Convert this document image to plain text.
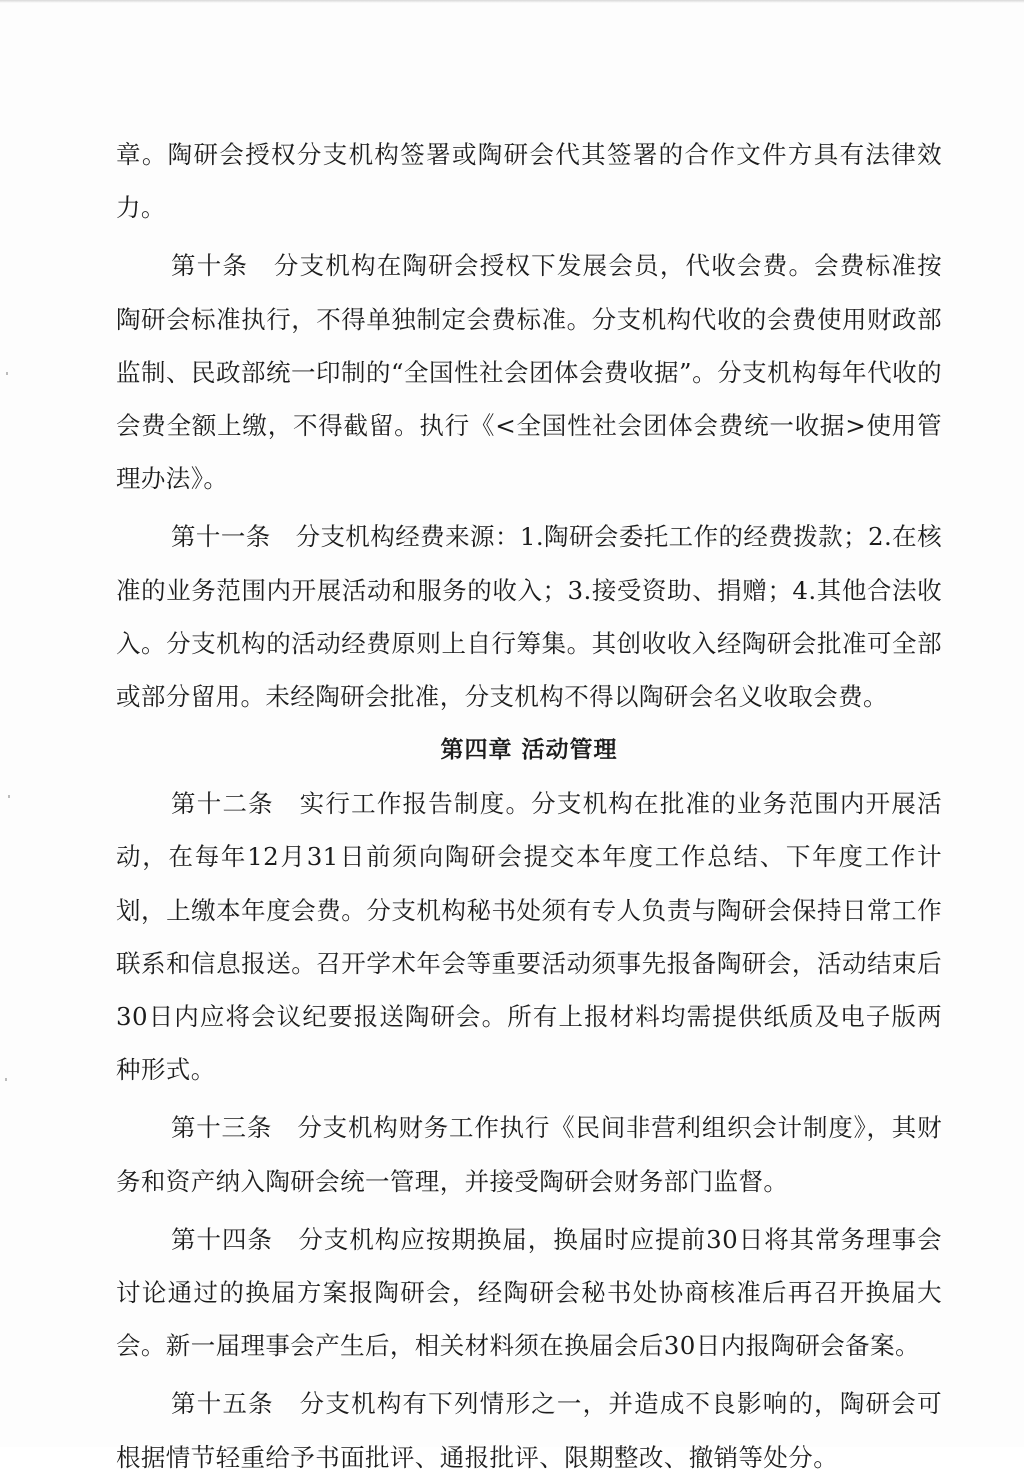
章。陶研会授权分支机构签署或陶研会代其签署的合作文件方具有法律效力。

第十条　分支机构在陶研会授权下发展会员，代收会费。会费标准按陶研会标准执行，不得单独制定会费标准。分支机构代收的会费使用财政部监制、民政部统一印制的“全国性社会团体会费收据”。分支机构每年代收的会费全额上缴，不得截留。执行《<全国性社会团体会费统一收据>使用管理办法》。

第十一条　分支机构经费来源：1.陶研会委托工作的经费拨款；2.在核准的业务范围内开展活动和服务的收入；3.接受资助、捐赠；4.其他合法收入。分支机构的活动经费原则上自行筹集。其创收收入经陶研会批准可全部或部分留用。未经陶研会批准，分支机构不得以陶研会名义收取会费。

第四章 活动管理

第十二条　实行工作报告制度。分支机构在批准的业务范围内开展活动，在每年12月31日前须向陶研会提交本年度工作总结、下年度工作计划，上缴本年度会费。分支机构秘书处须有专人负责与陶研会保持日常工作联系和信息报送。召开学术年会等重要活动须事先报备陶研会，活动结束后30日内应将会议纪要报送陶研会。所有上报材料均需提供纸质及电子版两种形式。

第十三条　分支机构财务工作执行《民间非营利组织会计制度》，其财务和资产纳入陶研会统一管理，并接受陶研会财务部门监督。

第十四条　分支机构应按期换届，换届时应提前30日将其常务理事会讨论通过的换届方案报陶研会，经陶研会秘书处协商核准后再召开换届大会。新一届理事会产生后，相关材料须在换届会后30日内报陶研会备案。

第十五条　分支机构有下列情形之一，并造成不良影响的，陶研会可根据情节轻重给予书面批评、通报批评、限期整改、撤销等处分。
